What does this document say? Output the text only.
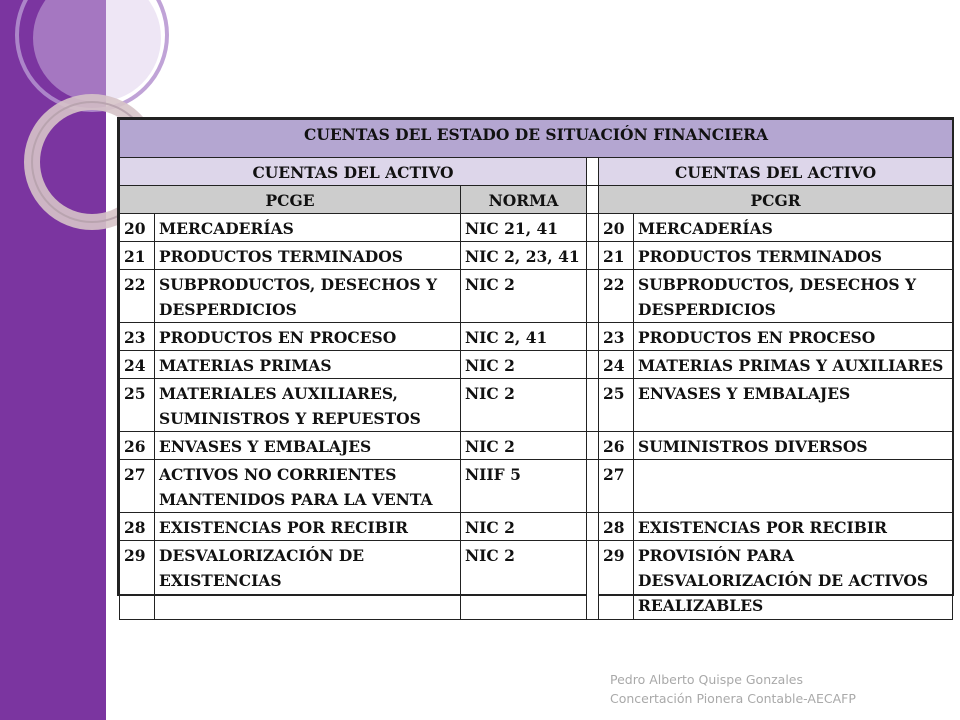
CUENTAS DEL ESTADO DE SITUACIÓN FINANCIERA					
CUENTAS DEL ACTIVO				CUENTAS DEL ACTIVO	
PCGE		NORMA		PCGR	
20	MERCADERÍAS	NIC 21, 41		20	MERCADERÍAS
21	PRODUCTOS TERMINADOS	NIC 2, 23, 41		21	PRODUCTOS TERMINADOS
22	SUBPRODUCTOS, DESECHOS Y DESPERDICIOS	NIC 2		22	SUBPRODUCTOS, DESECHOS Y DESPERDICIOS
23	PRODUCTOS EN PROCESO	NIC 2, 41		23	PRODUCTOS EN PROCESO
24	MATERIAS PRIMAS	NIC 2		24	MATERIAS PRIMAS Y AUXILIARES
25	MATERIALES AUXILIARES, SUMINISTROS Y REPUESTOS	NIC 2		25	ENVASES Y EMBALAJES
26	ENVASES Y EMBALAJES	NIC 2		26	SUMINISTROS DIVERSOS
27	ACTIVOS NO CORRIENTES MANTENIDOS PARA LA VENTA	NIIF 5		27	
28	EXISTENCIAS POR RECIBIR	NIC 2		28	EXISTENCIAS POR RECIBIR
29	DESVALORIZACIÓN DE EXISTENCIAS	NIC 2		29	PROVISIÓN PARA DESVALORIZACIÓN DE ACTIVOS REALIZABLES
Pedro Alberto Quispe Gonzales
Concertación Pionera Contable-AECAFP
